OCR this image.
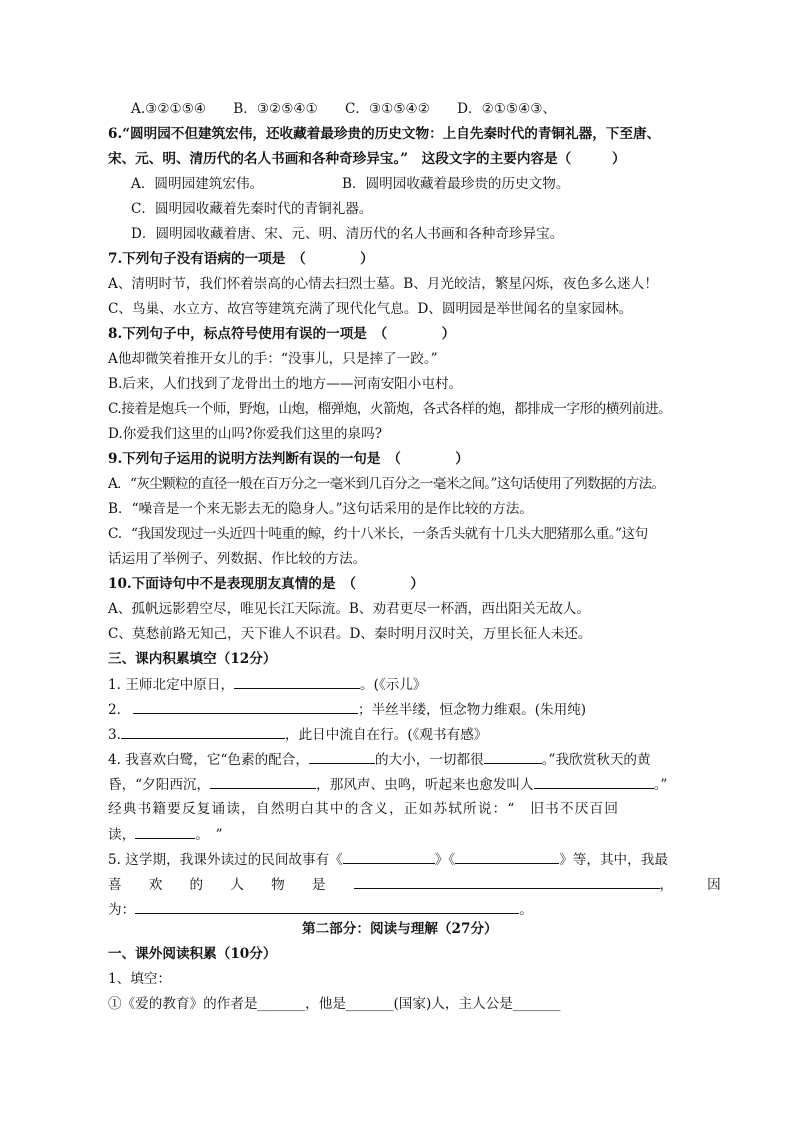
A.③②①⑤④　　B．③②⑤④①　　C．③①⑤④②　　D．②①⑤④③、
6.“圆明园不但建筑宏伟，还收藏着最珍贵的历史文物：上自先秦时代的青铜礼器，下至唐、
宋、元、明、清历代的名人书画和各种奇珍异宝。”　这段文字的主要内容是（　　　）
A．圆明园建筑宏伟。	B．圆明园收藏着最珍贵的历史文物。
C．圆明园收藏着先秦时代的青铜礼器。
D．圆明园收藏着唐、宋、元、明、清历代的名人书画和各种奇珍异宝。
7.下列句子没有语病的一项是　（　　　　）
A、清明时节，我们怀着崇高的心情去扫烈士墓。B、月光皎洁，繁星闪烁，夜色多么迷人！
C、鸟巢、水立方、故宫等建筑充满了现代化气息。D、圆明园是举世闻名的皇家园林。
8.下列句子中，标点符号使用有误的一项是　（　　　　）
A他却微笑着推开女儿的手：“没事儿，只是摔了一跤。”
B.后来，人们找到了龙骨出土的地方——河南安阳小屯村。
C.接着是炮兵一个师，野炮，山炮，榴弹炮，火箭炮，各式各样的炮，都排成一字形的横列前进。
D.你爱我们这里的山吗?你爱我们这里的泉吗?
9.下列句子运用的说明方法判断有误的一句是　（　　　　）
A．“灰尘颗粒的直径一般在百万分之一毫米到几百分之一毫米之间。”这句话使用了列数据的方法。
B．“噪音是一个来无影去无的隐身人。”这句话采用的是作比较的方法。
C．“我国发现过一头近四十吨重的鲸，约十八米长，一条舌头就有十几头大肥猪那么重。”这句
话运用了举例子、列数据、作比较的方法。
10.下面诗句中不是表现朋友真情的是　（　　　　）
A、孤帆远影碧空尽，唯见长江天际流。B、劝君更尽一杯酒，西出阳关无故人。
C、莫愁前路无知己，天下谁人不识君。D、秦时明月汉时关，万里长征人未还。
三、课内积累填空（12分）
1. 王师北定中原日，	。(《示儿》
2.	；半丝半缕，恒念物力维艰。(朱用纯)
3.	，此日中流自在行。(《观书有感》
4. 我喜欢白鹭，它“色素的配合，	的大小，一切都很	。”我欣赏秋天的黄
昏，“夕阳西沉，	，那风声、虫鸣，听起来也愈发叫人	。”
经典书籍要反复诵读，自然明白其中的含义，正如苏轼所说：“　旧书不厌百回
读，	。　”
5. 这学期，我课外读过的民间故事有《	》《	》等，其中，我最
喜　　欢　　的　　人　　物　　是	，　　　因
为：	。
第二部分：阅读与理解（27分）
一、课外阅读积累（10分）
1、填空：
①《爱的教育》的作者是_______，他是_______(国家)人，主人公是_______
